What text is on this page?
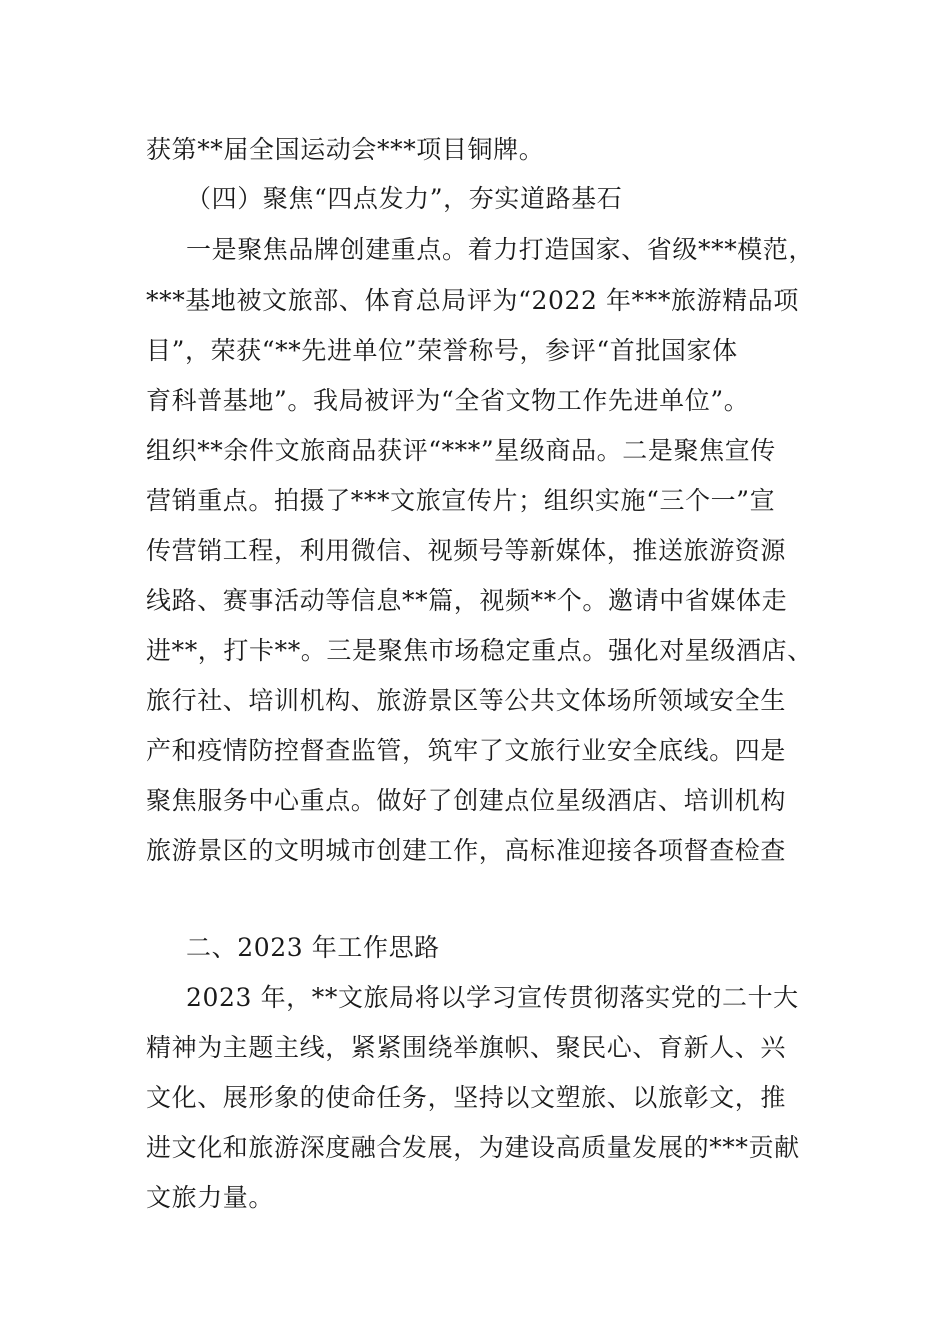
获第**届全国运动会***项目铜牌。
（四）聚焦“四点发力”，夯实道路基石
一是聚焦品牌创建重点。着力打造国家、省级***模范，
***基地被文旅部、体育总局评为“2022 年***旅游精品项
目”，荣获“**先进单位”荣誉称号，参评“首批国家体
育科普基地”。我局被评为“全省文物工作先进单位”。
组织**余件文旅商品获评“***”星级商品。二是聚焦宣传
营销重点。拍摄了***文旅宣传片；组织实施“三个一”宣
传营销工程，利用微信、视频号等新媒体，推送旅游资源
线路、赛事活动等信息**篇，视频**个。邀请中省媒体走
进**，打卡**。三是聚焦市场稳定重点。强化对星级酒店、
旅行社、培训机构、旅游景区等公共文体场所领域安全生
产和疫情防控督查监管，筑牢了文旅行业安全底线。四是
聚焦服务中心重点。做好了创建点位星级酒店、培训机构
旅游景区的文明城市创建工作，高标准迎接各项督查检查
二、2023 年工作思路
2023 年，**文旅局将以学习宣传贯彻落实党的二十大
精神为主题主线，紧紧围绕举旗帜、聚民心、育新人、兴
文化、展形象的使命任务，坚持以文塑旅、以旅彰文，推
进文化和旅游深度融合发展，为建设高质量发展的***贡献
文旅力量。
